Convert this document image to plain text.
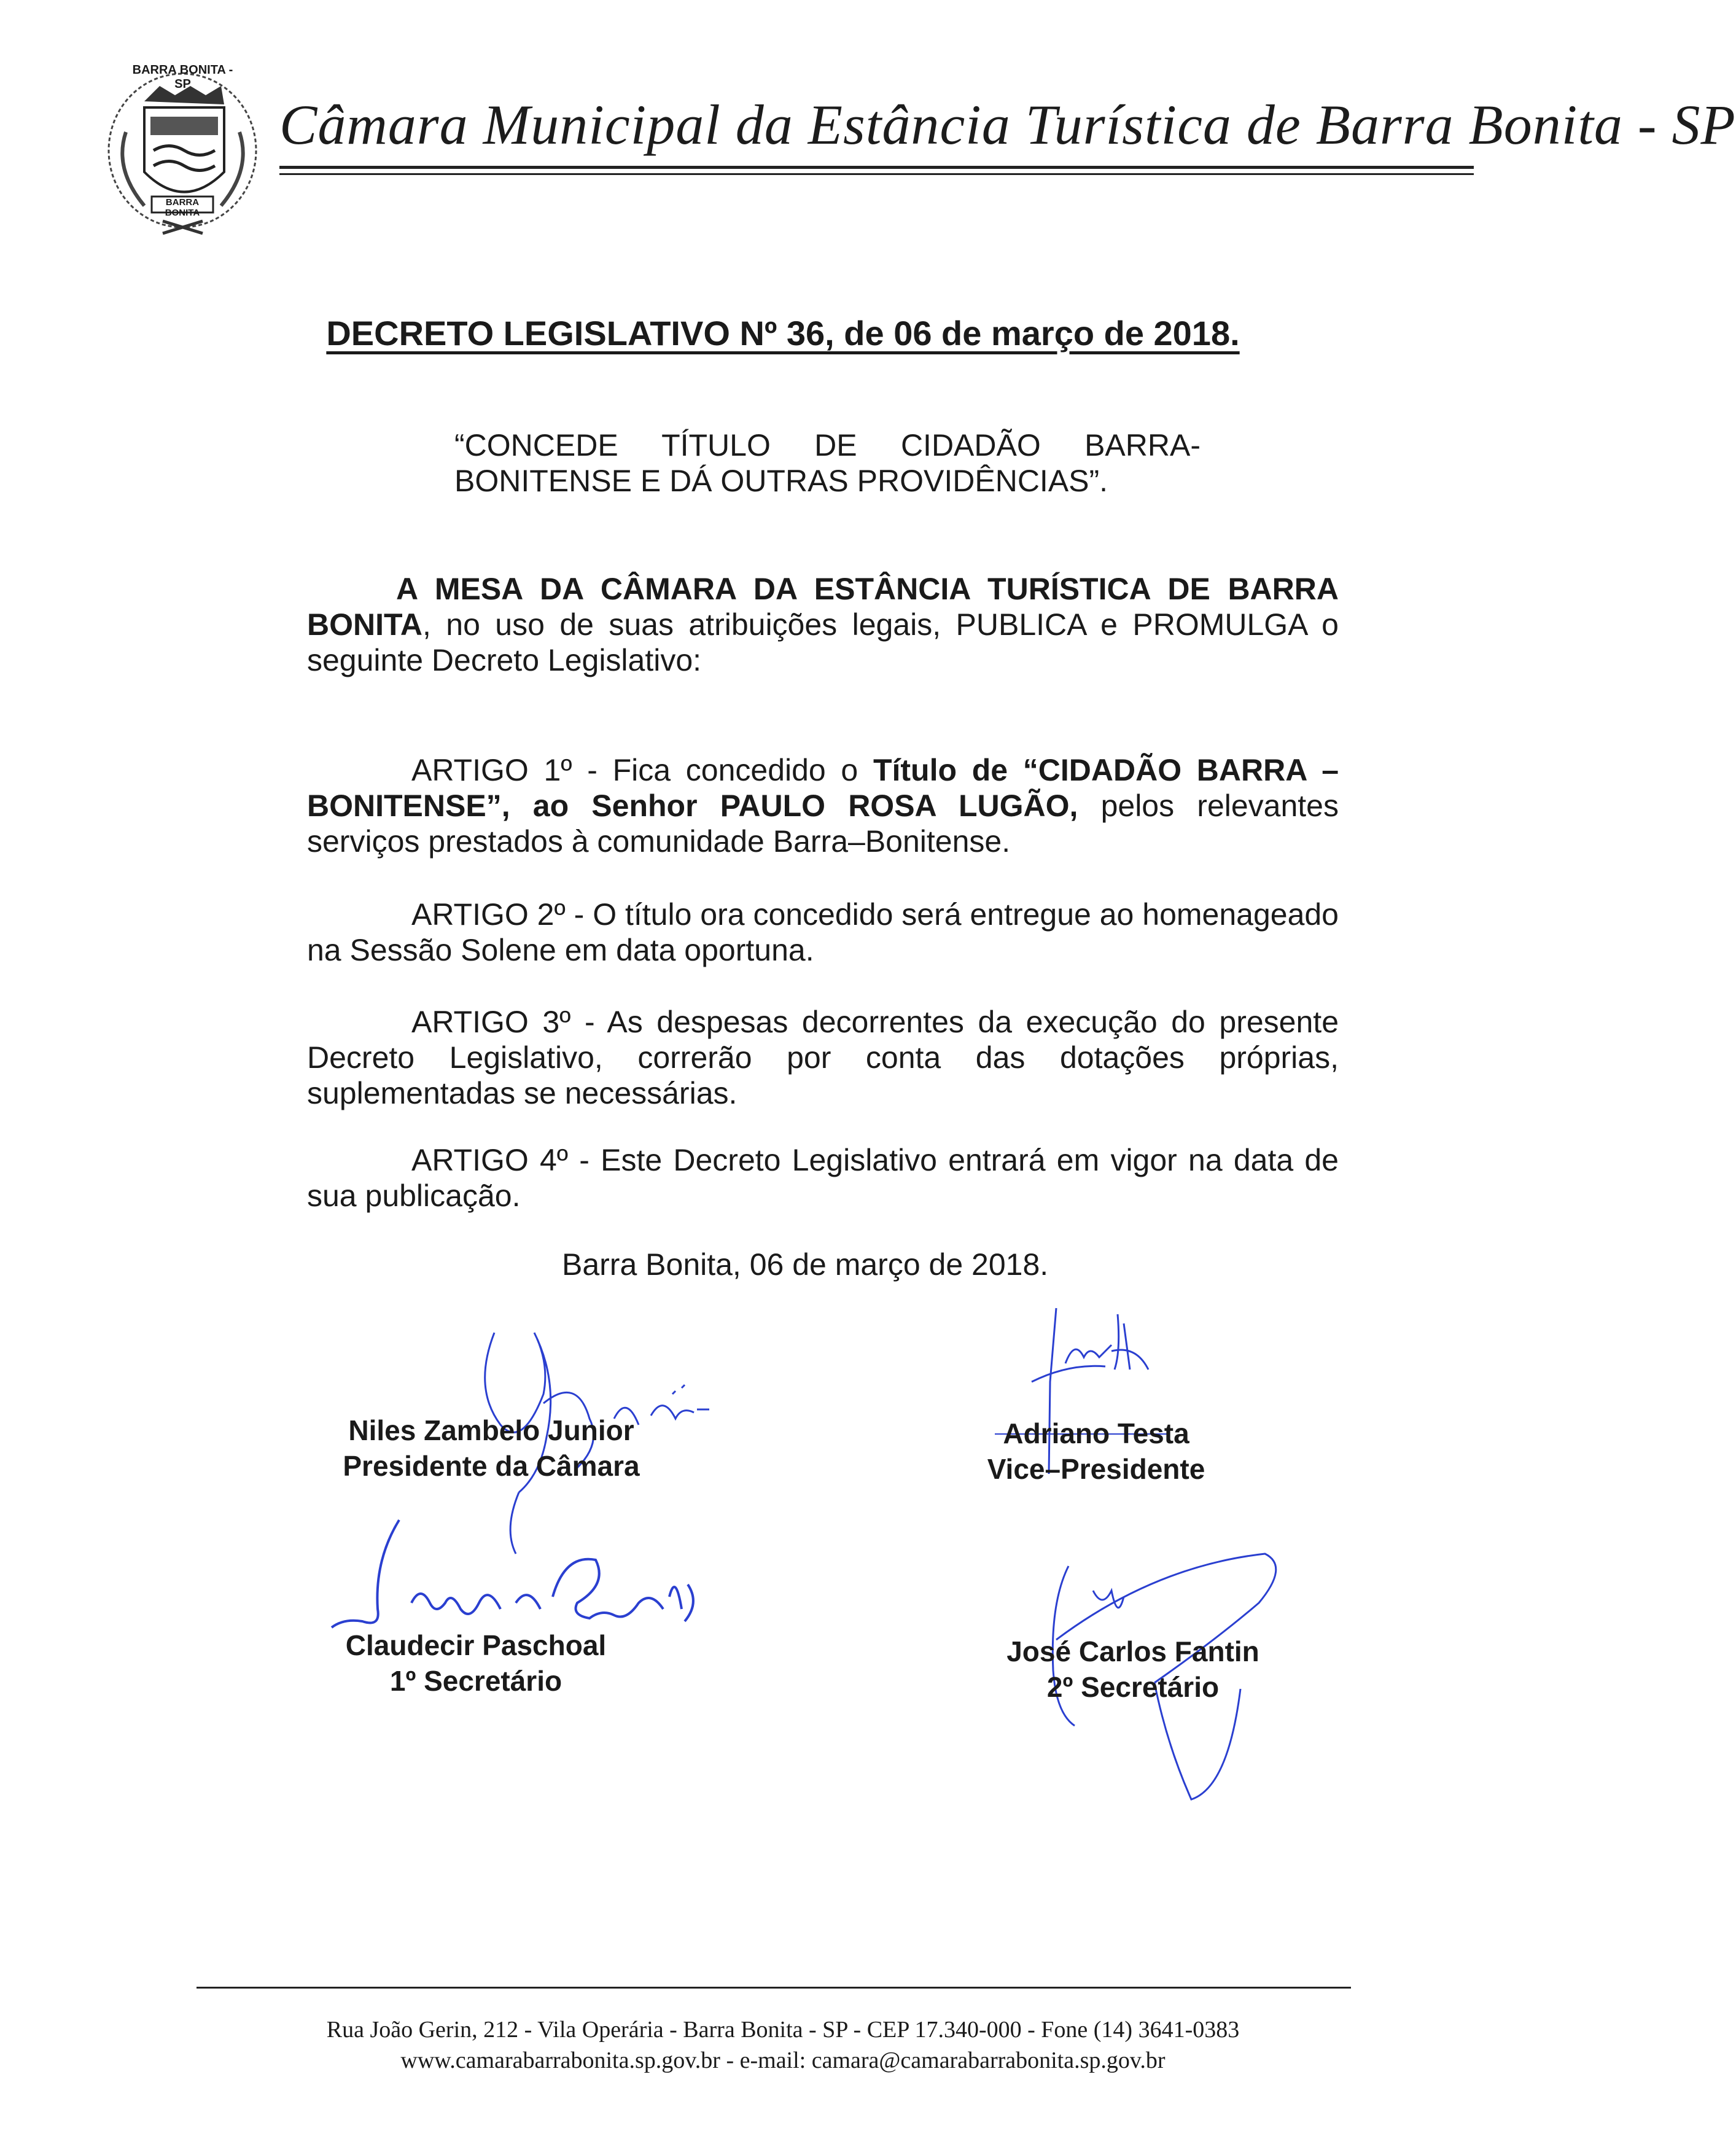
BARRA BONITA - SP
BARRA BONITA
Câmara Municipal da Estância Turística de Barra Bonita - SP
DECRETO LEGISLATIVO Nº 36, de 06 de março de 2018.
“CONCEDE TÍTULO DE CIDADÃO BARRA-
BONITENSE E DÁ OUTRAS PROVIDÊNCIAS”.
A MESA DA CÂMARA DA ESTÂNCIA TURÍSTICA DE BARRA BONITA, no uso de suas atribuições legais, PUBLICA e PROMULGA o seguinte Decreto Legislativo:
ARTIGO 1º - Fica concedido o Título de “CIDADÃO BARRA – BONITENSE”, ao Senhor PAULO ROSA LUGÃO, pelos relevantes serviços prestados à comunidade Barra–Bonitense.
ARTIGO 2º - O título ora concedido será entregue ao homenageado na Sessão Solene em data oportuna.
ARTIGO 3º - As despesas decorrentes da execução do presente Decreto Legislativo, correrão por conta das dotações próprias, suplementadas se necessárias.
ARTIGO 4º - Este Decreto Legislativo entrará em vigor na data de sua publicação.
Barra Bonita, 06 de março de 2018.
Niles Zambelo Junior
Presidente da Câmara
Adriano Testa
Vice–Presidente
Claudecir Paschoal
1º Secretário
José Carlos Fantin
2º Secretário
Rua João Gerin, 212 - Vila Operária - Barra Bonita - SP - CEP 17.340-000 - Fone (14) 3641-0383
www.camarabarrabonita.sp.gov.br - e-mail: camara@camarabarrabonita.sp.gov.br
